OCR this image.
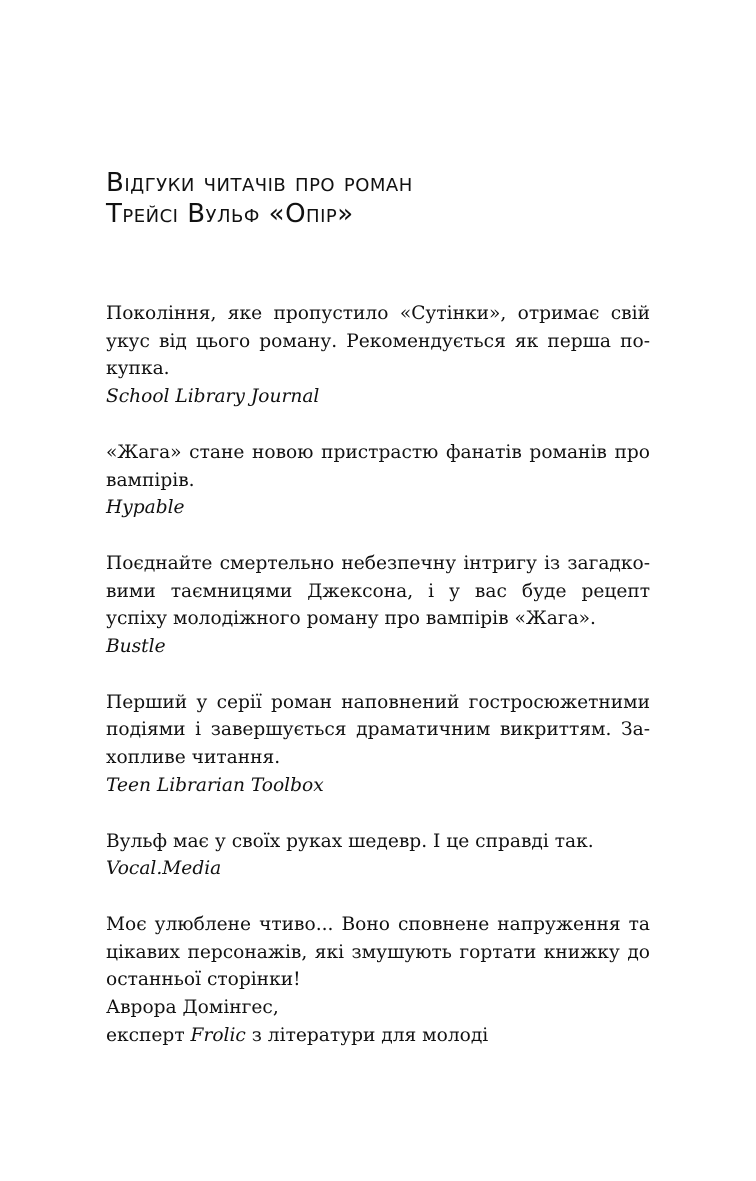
Відгуки читачів про роман
Трейсі Вульф «Опір»

Покоління, яке пропустило «Сутінки», отримає свій укус від цього роману. Рекомендується як перша покупка.

School Library Journal

«Жага» стане новою пристрастю фанатів романів про вампірів.

Hypable

Поєднайте смертельно небезпечну інтригу із загадковими таємницями Джексона, і у вас буде рецепт успіху молодіжного роману про вампірів «Жага».

Bustle

Перший у серії роман наповнений гостросюжетними подіями і завершується драматичним викриттям. Захопливе читання.

Teen Librarian Toolbox

Вульф має у своїх руках шедевр. І це справді так.

Vocal.Media

Моє улюблене чтиво... Воно сповнене напруження та цікавих персонажів, які змушують гортати книжку до останньої сторінки!

Аврора Домінгес,

експерт Frolic з літератури для молоді
